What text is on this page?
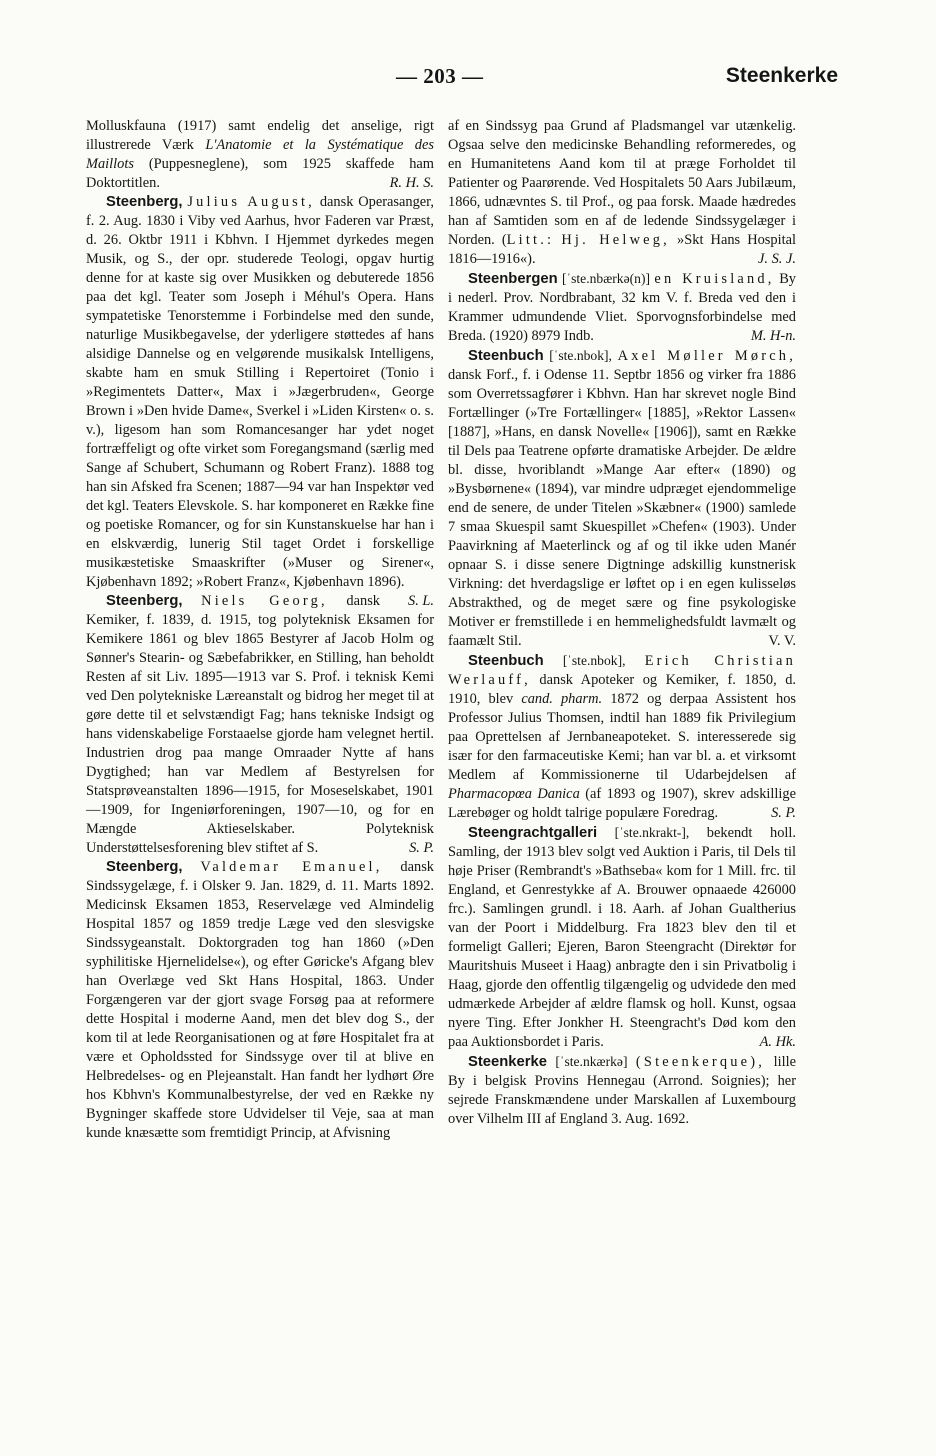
— 203 —	Steenkerke

Molluskfauna (1917) samt endelig det anselige, rigt illustrerede Værk L'Anatomie et la Systématique des Maillots (Puppesneglene), som 1925 skaffede ham Doktortitlen.	R. H. S.

Steenberg, Julius August, dansk Operasanger, f. 2. Aug. 1830 i Viby ved Aarhus, hvor Faderen var Præst, d. 26. Oktbr 1911 i Kbhvn. I Hjemmet dyrkedes megen Musik, og S., der opr. studerede Teologi, opgav hurtig denne for at kaste sig over Musikken og debuterede 1856 paa det kgl. Teater som Joseph i Méhul's Opera. Hans sympatetiske Tenorstemme i Forbindelse med den sunde, naturlige Musikbegavelse, der yderligere støttedes af hans alsidige Dannelse og en velgørende musikalsk Intelligens, skabte ham en smuk Stilling i Repertoiret (Tonio i »Regimentets Datter«, Max i »Jægerbruden«, George Brown i »Den hvide Dame«, Sverkel i »Liden Kirsten« o. s. v.), ligesom han som Romancesanger har ydet noget fortræffeligt og ofte virket som Foregangsmand (særlig med Sange af Schubert, Schumann og Robert Franz). 1888 tog han sin Afsked fra Scenen; 1887—94 var han Inspektør ved det kgl. Teaters Elevskole. S. har komponeret en Række fine og poetiske Romancer, og for sin Kunstanskuelse har han i en elskværdig, lunerig Stil taget Ordet i forskellige musikæstetiske Smaaskrifter (»Muser og Sirener«, Kjøbenhavn 1892; »Robert Franz«, Kjøbenhavn 1896).
S. L.

Steenberg, Niels Georg, dansk Kemiker, f. 1839, d. 1915, tog polyteknisk Eksamen for Kemikere 1861 og blev 1865 Bestyrer af Jacob Holm og Sønner's Stearin- og Sæbefabrikker, en Stilling, han beholdt Resten af sit Liv. 1895—1913 var S. Prof. i teknisk Kemi ved Den polytekniske Læreanstalt og bidrog her meget til at gøre dette til et selvstændigt Fag; hans tekniske Indsigt og hans videnskabelige Forstaaelse gjorde ham velegnet hertil. Industrien drog paa mange Omraader Nytte af hans Dygtighed; han var Medlem af Bestyrelsen for Statsprøveanstalten 1896—1915, for Moseselskabet, 1901—1909, for Ingeniørforeningen, 1907—10, og for en Mængde Aktieselskaber. Polyteknisk Understøttelsesforening blev stiftet af S.	S. P.

Steenberg, Valdemar Emanuel, dansk Sindssygelæge, f. i Olsker 9. Jan. 1829, d. 11. Marts 1892. Medicinsk Eksamen 1853, Reservelæge ved Almindelig Hospital 1857 og 1859 tredje Læge ved den slesvigske Sindssygeanstalt. Doktorgraden tog han 1860 (»Den syphilitiske Hjernelidelse«), og efter Gøricke's Afgang blev han Overlæge ved Skt Hans Hospital, 1863. Under Forgængeren var der gjort svage Forsøg paa at reformere dette Hospital i moderne Aand, men det blev dog S., der kom til at lede Reorganisationen og at føre Hospitalet fra at være et Opholdssted for Sindssyge over til at blive en Helbredelses- og en Plejeanstalt. Han fandt her lydhørt Øre hos Kbhvn's Kommunalbestyrelse, der ved en Række ny Bygninger skaffede store Udvidelser til Veje, saa at man kunde knæsætte som fremtidigt Princip, at Afvisning

af en Sindssyg paa Grund af Pladsmangel var utænkelig. Ogsaa selve den medicinske Behandling reformeredes, og en Humanitetens Aand kom til at præge Forholdet til Patienter og Paarørende. Ved Hospitalets 50 Aars Jubilæum, 1866, udnævntes S. til Prof., og paa forsk. Maade hædredes han af Samtiden som en af de ledende Sindssygelæger i Norden. (Litt.: Hj. Helweg, »Skt Hans Hospital 1816—1916«).	J. S. J.

Steenbergen [ˈste.nbærkə(n)] en Kruisland, By i nederl. Prov. Nordbrabant, 32 km V. f. Breda ved den i Krammer udmundende Vliet. Sporvognsforbindelse med Breda. (1920) 8979 Indb.	M. H-n.

Steenbuch [ˈste.nbok], Axel Møller Mørch, dansk Forf., f. i Odense 11. Septbr 1856 og virker fra 1886 som Overretssagfører i Kbhvn. Han har skrevet nogle Bind Fortællinger (»Tre Fortællinger« [1885], »Rektor Lassen« [1887], »Hans, en dansk Novelle« [1906]), samt en Række til Dels paa Teatrene opførte dramatiske Arbejder. De ældre bl. disse, hvoriblandt »Mange Aar efter« (1890) og »Bysbørnene« (1894), var mindre udpræget ejendommelige end de senere, de under Titelen »Skæbner« (1900) samlede 7 smaa Skuespil samt Skuespillet »Chefen« (1903). Under Paavirkning af Maeterlinck og af og til ikke uden Manér opnaar S. i disse senere Digtninge adskillig kunstnerisk Virkning: det hverdagslige er løftet op i en egen kulisseløs Abstrakthed, og de meget sære og fine psykologiske Motiver er fremstillede i en hemmelighedsfuldt lavmælt og faamælt Stil.	V. V.

Steenbuch [ˈste.nbok], Erich Christian Werlauff, dansk Apoteker og Kemiker, f. 1850, d. 1910, blev cand. pharm. 1872 og derpaa Assistent hos Professor Julius Thomsen, indtil han 1889 fik Privilegium paa Oprettelsen af Jernbaneapoteket. S. interesserede sig især for den farmaceutiske Kemi; han var bl. a. et virksomt Medlem af Kommissionerne til Udarbejdelsen af Pharmacopœa Danica (af 1893 og 1907), skrev adskillige Lærebøger og holdt talrige populære Foredrag.	S. P.

Steengrachtgalleri [ˈste.nkrakt-], bekendt holl. Samling, der 1913 blev solgt ved Auktion i Paris, til Dels til høje Priser (Rembrandt's »Bathseba« kom for 1 Mill. frc. til England, et Genrestykke af A. Brouwer opnaaede 426000 frc.). Samlingen grundl. i 18. Aarh. af Johan Gualtherius van der Poort i Middelburg. Fra 1823 blev den til et formeligt Galleri; Ejeren, Baron Steengracht (Direktør for Mauritshuis Museet i Haag) anbragte den i sin Privatbolig i Haag, gjorde den offentlig tilgængelig og udvidede den med udmærkede Arbejder af ældre flamsk og holl. Kunst, ogsaa nyere Ting. Efter Jonkher H. Steengracht's Død kom den paa Auktionsbordet i Paris.	A. Hk.

Steenkerke [ˈste.nkærkə] (Steenkerque), lille By i belgisk Provins Hennegau (Arrond. Soignies); her sejrede Franskmændene under Marskallen af Luxembourg over Vilhelm III af England 3. Aug. 1692.
